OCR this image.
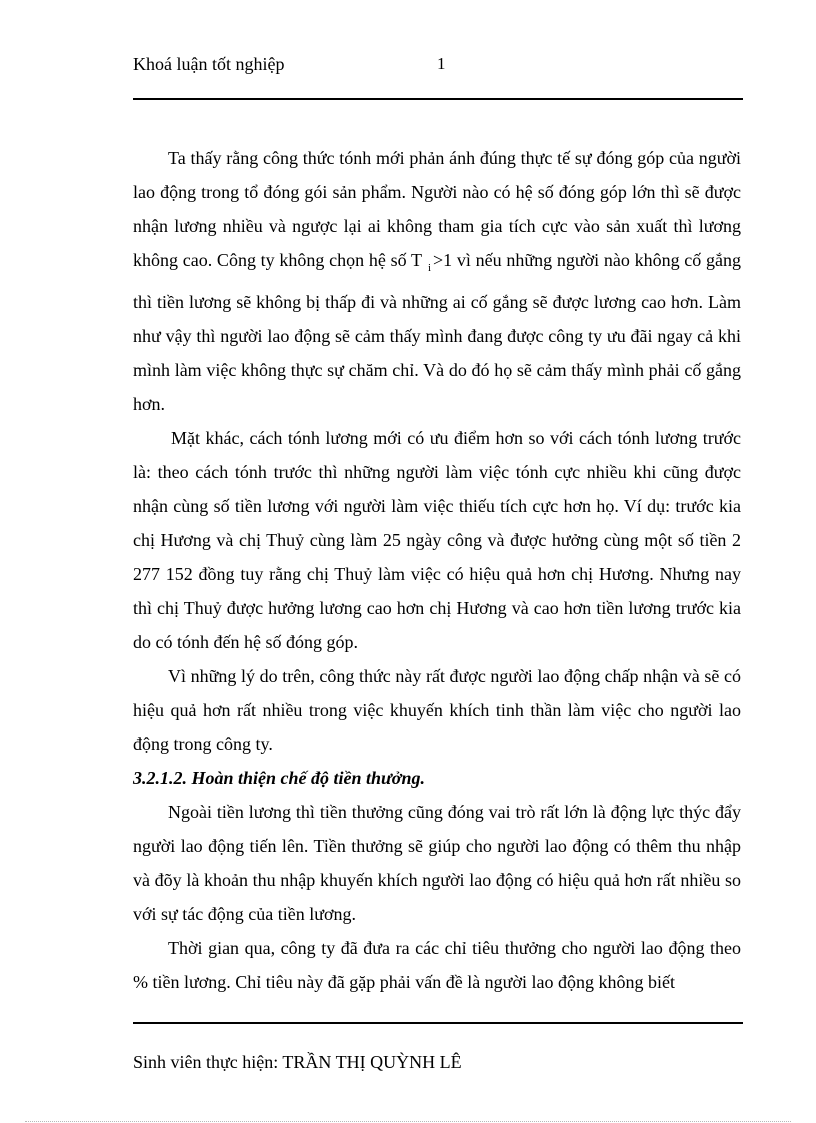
Khoá luận tốt nghiệp	1

Ta thấy rằng công thức tónh mới phản ánh đúng thực tế sự đóng góp của người lao động trong tổ đóng gói sản phẩm. Người nào có hệ số đóng góp lớn thì sẽ được nhận lương nhiều và ngược lại ai không tham gia tích cực vào sản xuất thì lương không cao. Công ty không chọn hệ số T $_i$ >1 vì nếu những người nào không cố gắng thì tiền lương sẽ không bị thấp đi và những ai cố gắng sẽ được lương cao hơn. Làm như vậy thì người lao động sẽ cảm thấy mình đang được công ty ưu đãi ngay cả khi mình làm việc không thực sự chăm chỉ. Và do đó họ sẽ cảm thấy mình phải cố gắng hơn.

Mặt khác, cách tónh lương mới có ưu điểm hơn so với cách tónh lương trước là: theo cách tónh trước thì những người làm việc tónh cực nhiều khi cũng được nhận cùng số tiền lương với người làm việc thiếu tích cực hơn họ. Ví dụ: trước kia chị Hương và chị Thuỷ cùng làm 25 ngày công và được hưởng cùng một số tiền 2 277 152 đồng tuy rằng chị Thuỷ làm việc có hiệu quả hơn chị Hương. Nhưng nay thì chị Thuỷ được hưởng lương cao hơn chị Hương và cao hơn tiền lương trước kia do có tónh đến hệ số đóng góp.

Vì những lý do trên, công thức này rất được người lao động chấp nhận và sẽ có hiệu quả hơn rất nhiều trong việc khuyến khích tinh thần làm việc cho người lao động trong công ty.

3.2.1.2. Hoàn thiện chế độ tiền thưởng.

Ngoài tiền lương thì tiền thưởng cũng đóng vai trò rất lớn là động lực thýc đẩy người lao động tiến lên. Tiền thưởng sẽ giúp cho người lao động có thêm thu nhập và đõy là khoản thu nhập khuyến khích người lao động có hiệu quả hơn rất nhiều so với sự tác động của tiền lương.

Thời gian qua, công ty đã đưa ra các chỉ tiêu thưởng cho người lao động theo % tiền lương. Chỉ tiêu này đã gặp phải vấn đề là người lao động không biết

Sinh viên thực hiện: TRẦN THỊ QUỲNH LÊ
